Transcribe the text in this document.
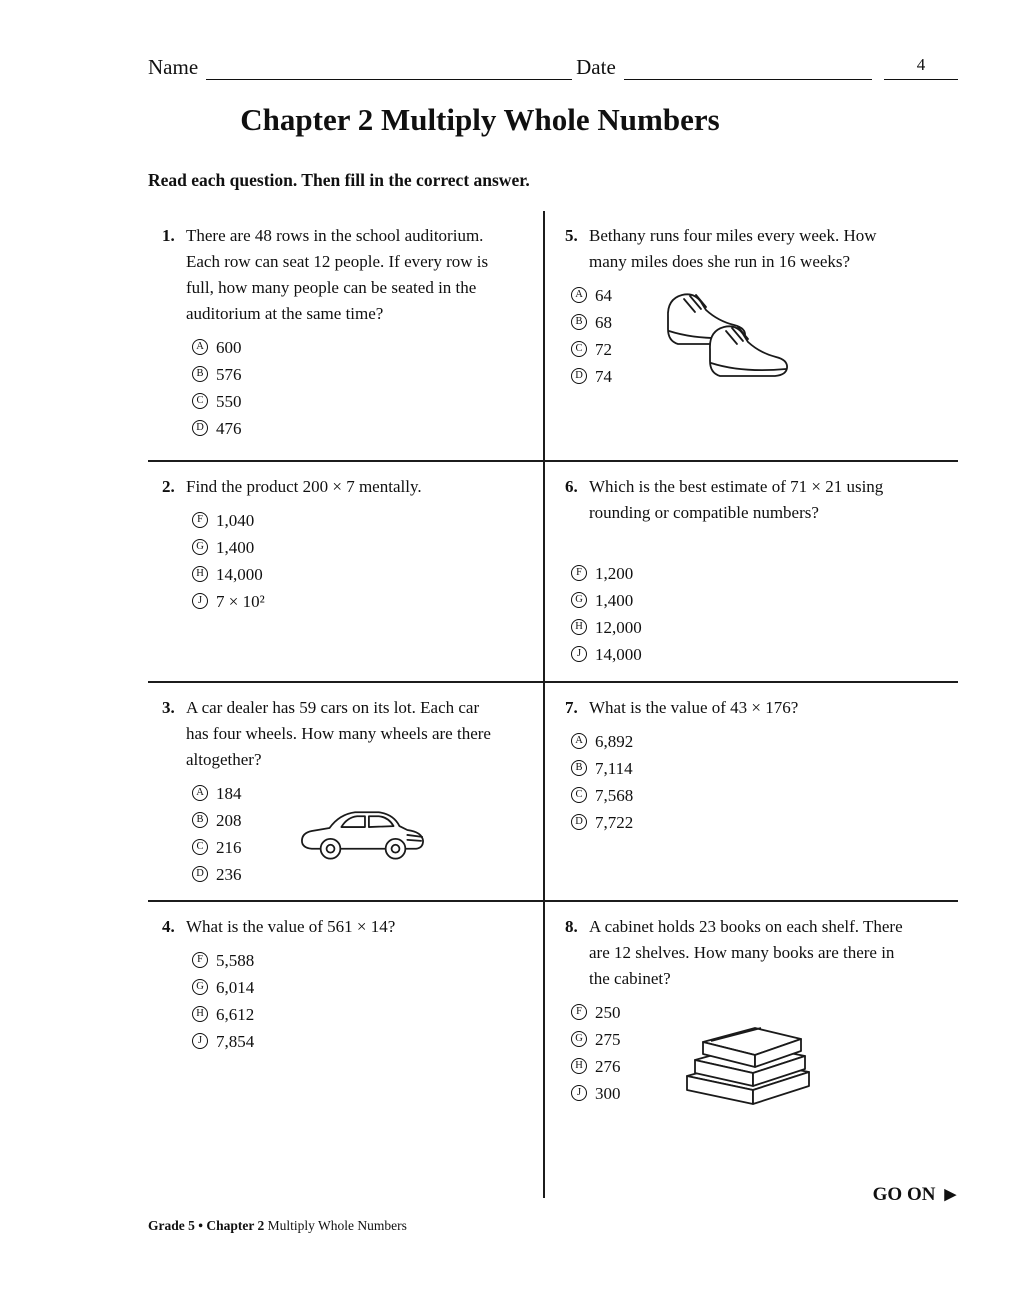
Name	Date	4
Chapter 2 Multiply Whole Numbers
Read each question. Then fill in the correct answer.
1. There are 48 rows in the school auditorium. Each row can seat 12 people. If every row is full, how many people can be seated in the auditorium at the same time?
A 600
B 576
C 550
D 476
5. Bethany runs four miles every week. How many miles does she run in 16 weeks?
A 64
B 68
C 72
D 74
2. Find the product 200 × 7 mentally.
F 1,040
G 1,400
H 14,000
J 7 × 10²
6. Which is the best estimate of 71 × 21 using rounding or compatible numbers?
F 1,200
G 1,400
H 12,000
J 14,000
3. A car dealer has 59 cars on its lot. Each car has four wheels. How many wheels are there altogether?
A 184
B 208
C 216
D 236
7. What is the value of 43 × 176?
A 6,892
B 7,114
C 7,568
D 7,722
4. What is the value of 561 × 14?
F 5,588
G 6,014
H 6,612
J 7,854
8. A cabinet holds 23 books on each shelf. There are 12 shelves. How many books are there in the cabinet?
F 250
G 275
H 276
J 300
GO ON ▶
Grade 5 • Chapter 2 Multiply Whole Numbers
